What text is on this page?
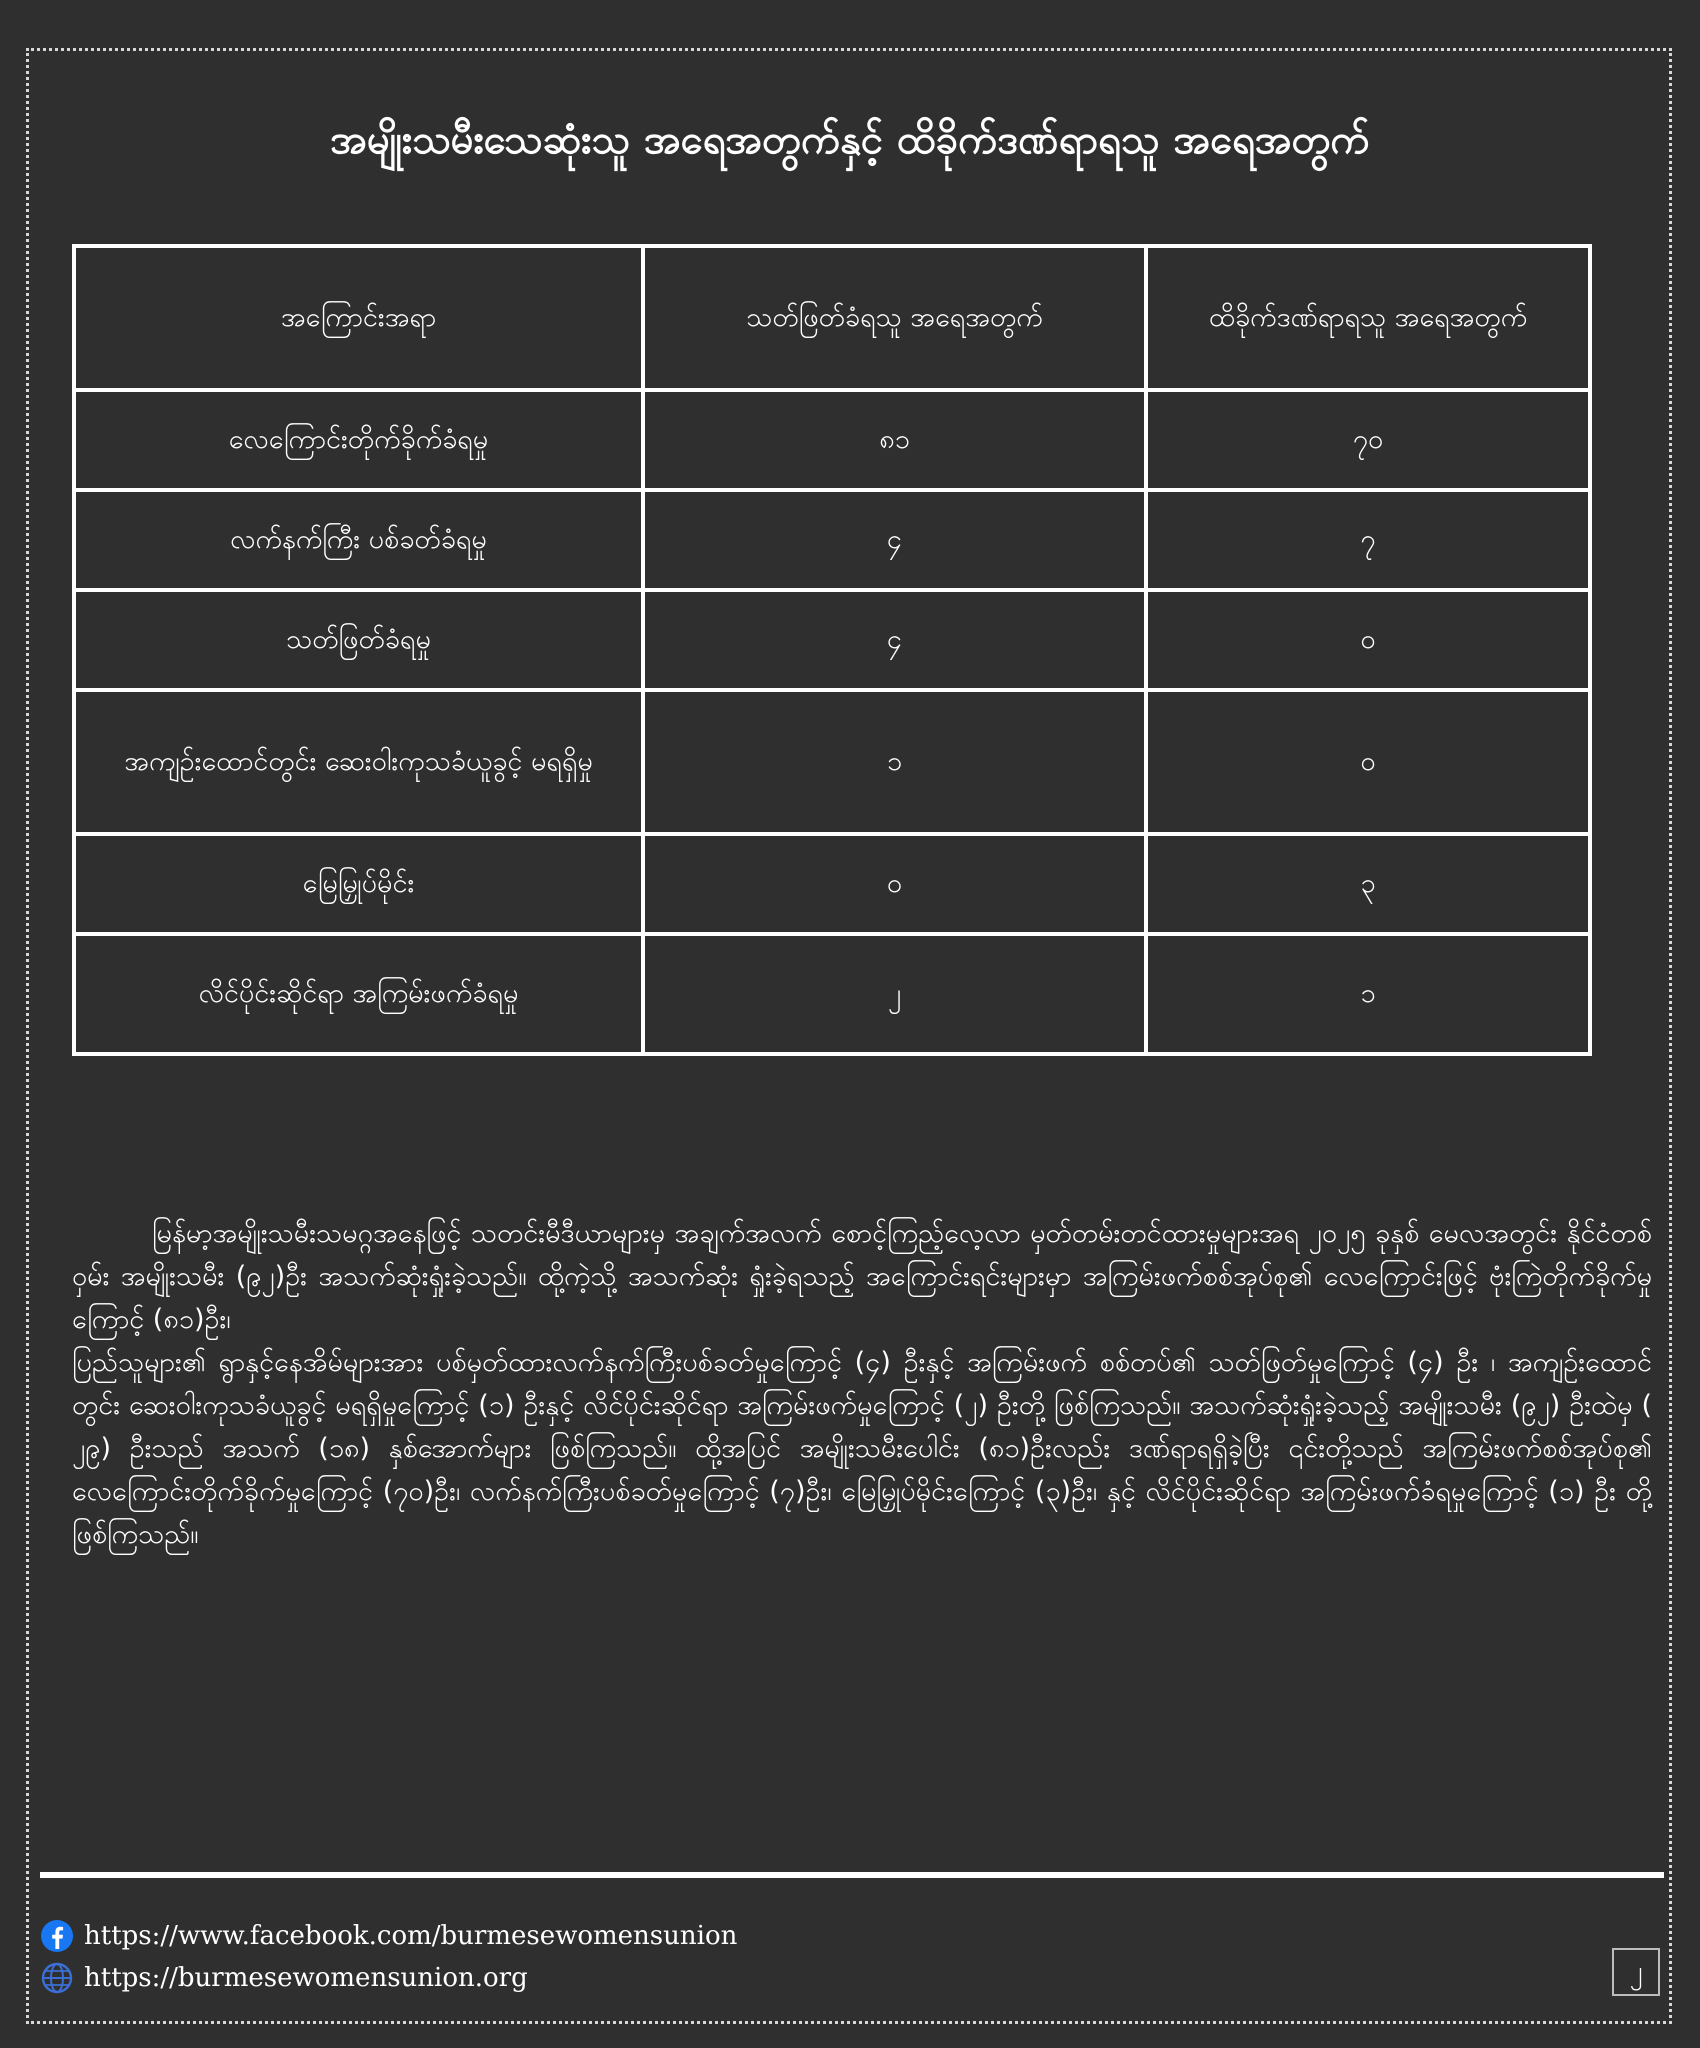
အမျိုးသမီးသေဆုံးသူ အရေအတွက်နှင့် ထိခိုက်ဒဏ်ရာရသူ အရေအတွက်
အကြောင်းအရာ	သတ်ဖြတ်ခံရသူ အရေအတွက်	ထိခိုက်ဒဏ်ရာရသူ အရေအတွက်
လေကြောင်းတိုက်ခိုက်ခံရမှု	၈၁	၇၀
လက်နက်ကြီး ပစ်ခတ်ခံရမှု	၄	၇
သတ်ဖြတ်ခံရမှု	၄	၀
အကျဉ်းထောင်တွင်း ဆေးဝါးကုသခံယူခွင့် မရရှိမှု	၁	၀
မြေမြှုပ်မိုင်း	၀	၃
လိင်ပိုင်းဆိုင်ရာ အကြမ်းဖက်ခံရမှု	၂	၁

မြန်မာ့အမျိုးသမီးသမဂ္ဂအနေဖြင့် သတင်းမီဒီယာများမှ အချက်အလက် စောင့်ကြည့်လေ့လာ မှတ်တမ်းတင်ထားမှုများအရ ၂၀၂၅ ခုနှစ် မေလအတွင်း နိုင်ငံတစ်ဝှမ်း အမျိုးသမီး (၉၂)ဦး အသက်ဆုံးရှုံးခဲ့သည်။ ထို့ကဲ့သို့ အသက်ဆုံး ရှုံးခဲ့ရသည့် အကြောင်းရင်းများမှာ အကြမ်းဖက်စစ်အုပ်စု၏ လေကြောင်းဖြင့် ဗုံးကြဲတိုက်ခိုက်မှုကြောင့် (၈၁)ဦး၊

ပြည်သူများ၏ ရွာနှင့်နေအိမ်များအား ပစ်မှတ်ထားလက်နက်ကြီးပစ်ခတ်မှုကြောင့် (၄) ဦးနှင့် အကြမ်းဖက် စစ်တပ်၏ သတ်ဖြတ်မှုကြောင့် (၄) ဦး ၊ အကျဉ်းထောင်တွင်း ဆေးဝါးကုသခံယူခွင့် မရရှိမှုကြောင့် (၁) ဦးနှင့် လိင်ပိုင်းဆိုင်ရာ အကြမ်းဖက်မှုကြောင့် (၂) ဦးတို့ ဖြစ်ကြသည်။ အသက်ဆုံးရှုံးခဲ့သည့် အမျိုးသမီး (၉၂) ဦးထဲမှ ( ၂၉) ဦးသည် အသက် (၁၈) နှစ်အောက်များ ဖြစ်ကြသည်။ ထို့အပြင် အမျိုးသမီးပေါင်း (၈၁)ဦးလည်း ဒဏ်ရာရရှိခဲ့ပြီး ၎င်းတို့သည် အကြမ်းဖက်စစ်အုပ်စု၏ လေကြောင်းတိုက်ခိုက်မှုကြောင့် (၇၀)ဦး၊ လက်နက်ကြီးပစ်ခတ်မှုကြောင့် (၇)ဦး၊ မြေမြှုပ်မိုင်းကြောင့် (၃)ဦး၊ နှင့် လိင်ပိုင်းဆိုင်ရာ အကြမ်းဖက်ခံရမှုကြောင့် (၁) ဦး တို့ ဖြစ်ကြသည်။

https://www.facebook.com/burmesewomensunion
https://burmesewomensunion.org	၂
